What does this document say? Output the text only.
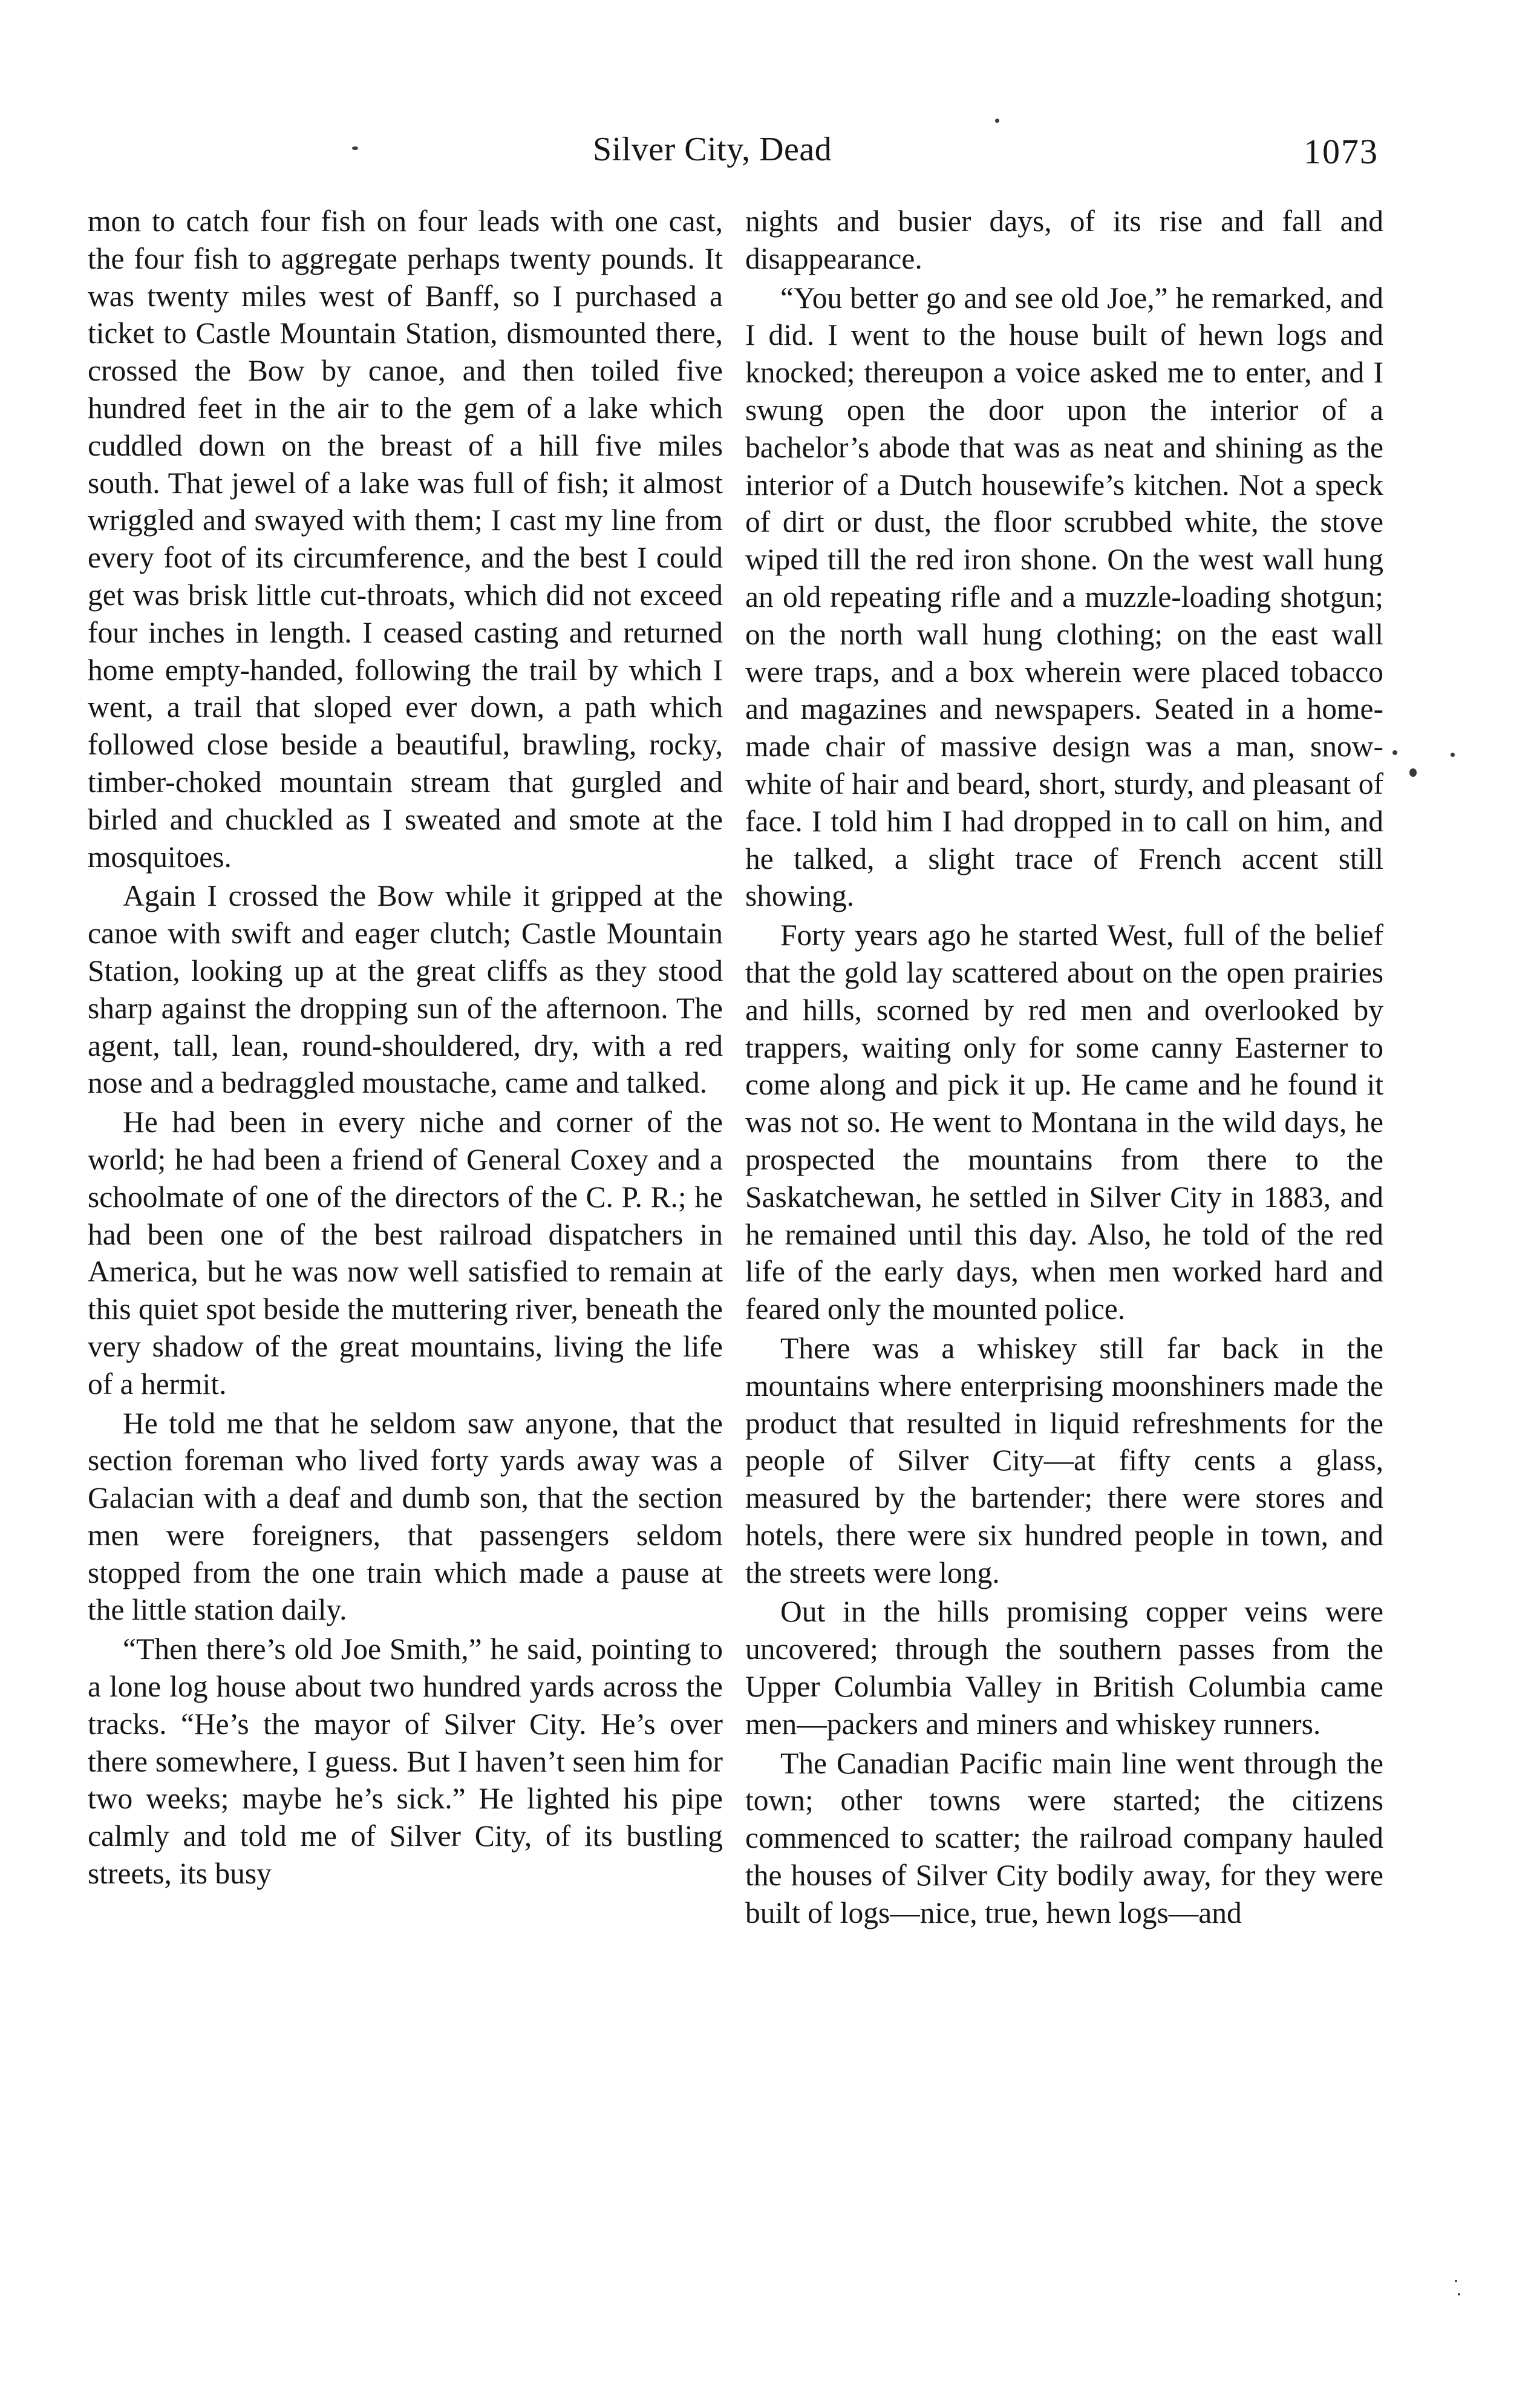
Silver City, Dead	1073

mon to catch four fish on four leads with one cast, the four fish to aggregate perhaps twenty pounds. It was twenty miles west of Banff, so I purchased a ticket to Castle Mountain Station, dismounted there, crossed the Bow by canoe, and then toiled five hundred feet in the air to the gem of a lake which cuddled down on the breast of a hill five miles south. That jewel of a lake was full of fish; it almost wriggled and swayed with them; I cast my line from every foot of its circumference, and the best I could get was brisk little cut-throats, which did not exceed four inches in length. I ceased casting and returned home empty-handed, following the trail by which I went, a trail that sloped ever down, a path which followed close beside a beautiful, brawling, rocky, timber-choked mountain stream that gurgled and birled and chuckled as I sweated and smote at the mosquitoes.

Again I crossed the Bow while it gripped at the canoe with swift and eager clutch; Castle Mountain Station, looking up at the great cliffs as they stood sharp against the dropping sun of the afternoon. The agent, tall, lean, round-shouldered, dry, with a red nose and a bedraggled moustache, came and talked.

He had been in every niche and corner of the world; he had been a friend of General Coxey and a schoolmate of one of the directors of the C. P. R.; he had been one of the best railroad dispatchers in America, but he was now well satisfied to remain at this quiet spot beside the muttering river, beneath the very shadow of the great mountains, living the life of a hermit.

He told me that he seldom saw anyone, that the section foreman who lived forty yards away was a Galacian with a deaf and dumb son, that the section men were foreigners, that passengers seldom stopped from the one train which made a pause at the little station daily.

“Then there’s old Joe Smith,” he said, pointing to a lone log house about two hundred yards across the tracks. “He’s the mayor of Silver City. He’s over there somewhere, I guess. But I haven’t seen him for two weeks; maybe he’s sick.” He lighted his pipe calmly and told me of Silver City, of its bustling streets, its busy

nights and busier days, of its rise and fall and disappearance.

“You better go and see old Joe,” he remarked, and I did. I went to the house built of hewn logs and knocked; thereupon a voice asked me to enter, and I swung open the door upon the interior of a bachelor’s abode that was as neat and shining as the interior of a Dutch housewife’s kitchen. Not a speck of dirt or dust, the floor scrubbed white, the stove wiped till the red iron shone. On the west wall hung an old repeating rifle and a muzzle-loading shotgun; on the north wall hung clothing; on the east wall were traps, and a box wherein were placed tobacco and magazines and newspapers. Seated in a home-made chair of massive design was a man, snow-white of hair and beard, short, sturdy, and pleasant of face. I told him I had dropped in to call on him, and he talked, a slight trace of French accent still showing.

Forty years ago he started West, full of the belief that the gold lay scattered about on the open prairies and hills, scorned by red men and overlooked by trappers, waiting only for some canny Easterner to come along and pick it up. He came and he found it was not so. He went to Montana in the wild days, he prospected the mountains from there to the Saskatchewan, he settled in Silver City in 1883, and he remained until this day. Also, he told of the red life of the early days, when men worked hard and feared only the mounted police.

There was a whiskey still far back in the mountains where enterprising moonshiners made the product that resulted in liquid refreshments for the people of Silver City—at fifty cents a glass, measured by the bartender; there were stores and hotels, there were six hundred people in town, and the streets were long.

Out in the hills promising copper veins were uncovered; through the southern passes from the Upper Columbia Valley in British Columbia came men—packers and miners and whiskey runners.

The Canadian Pacific main line went through the town; other towns were started; the citizens commenced to scatter; the railroad company hauled the houses of Silver City bodily away, for they were built of logs—nice, true, hewn logs—and
